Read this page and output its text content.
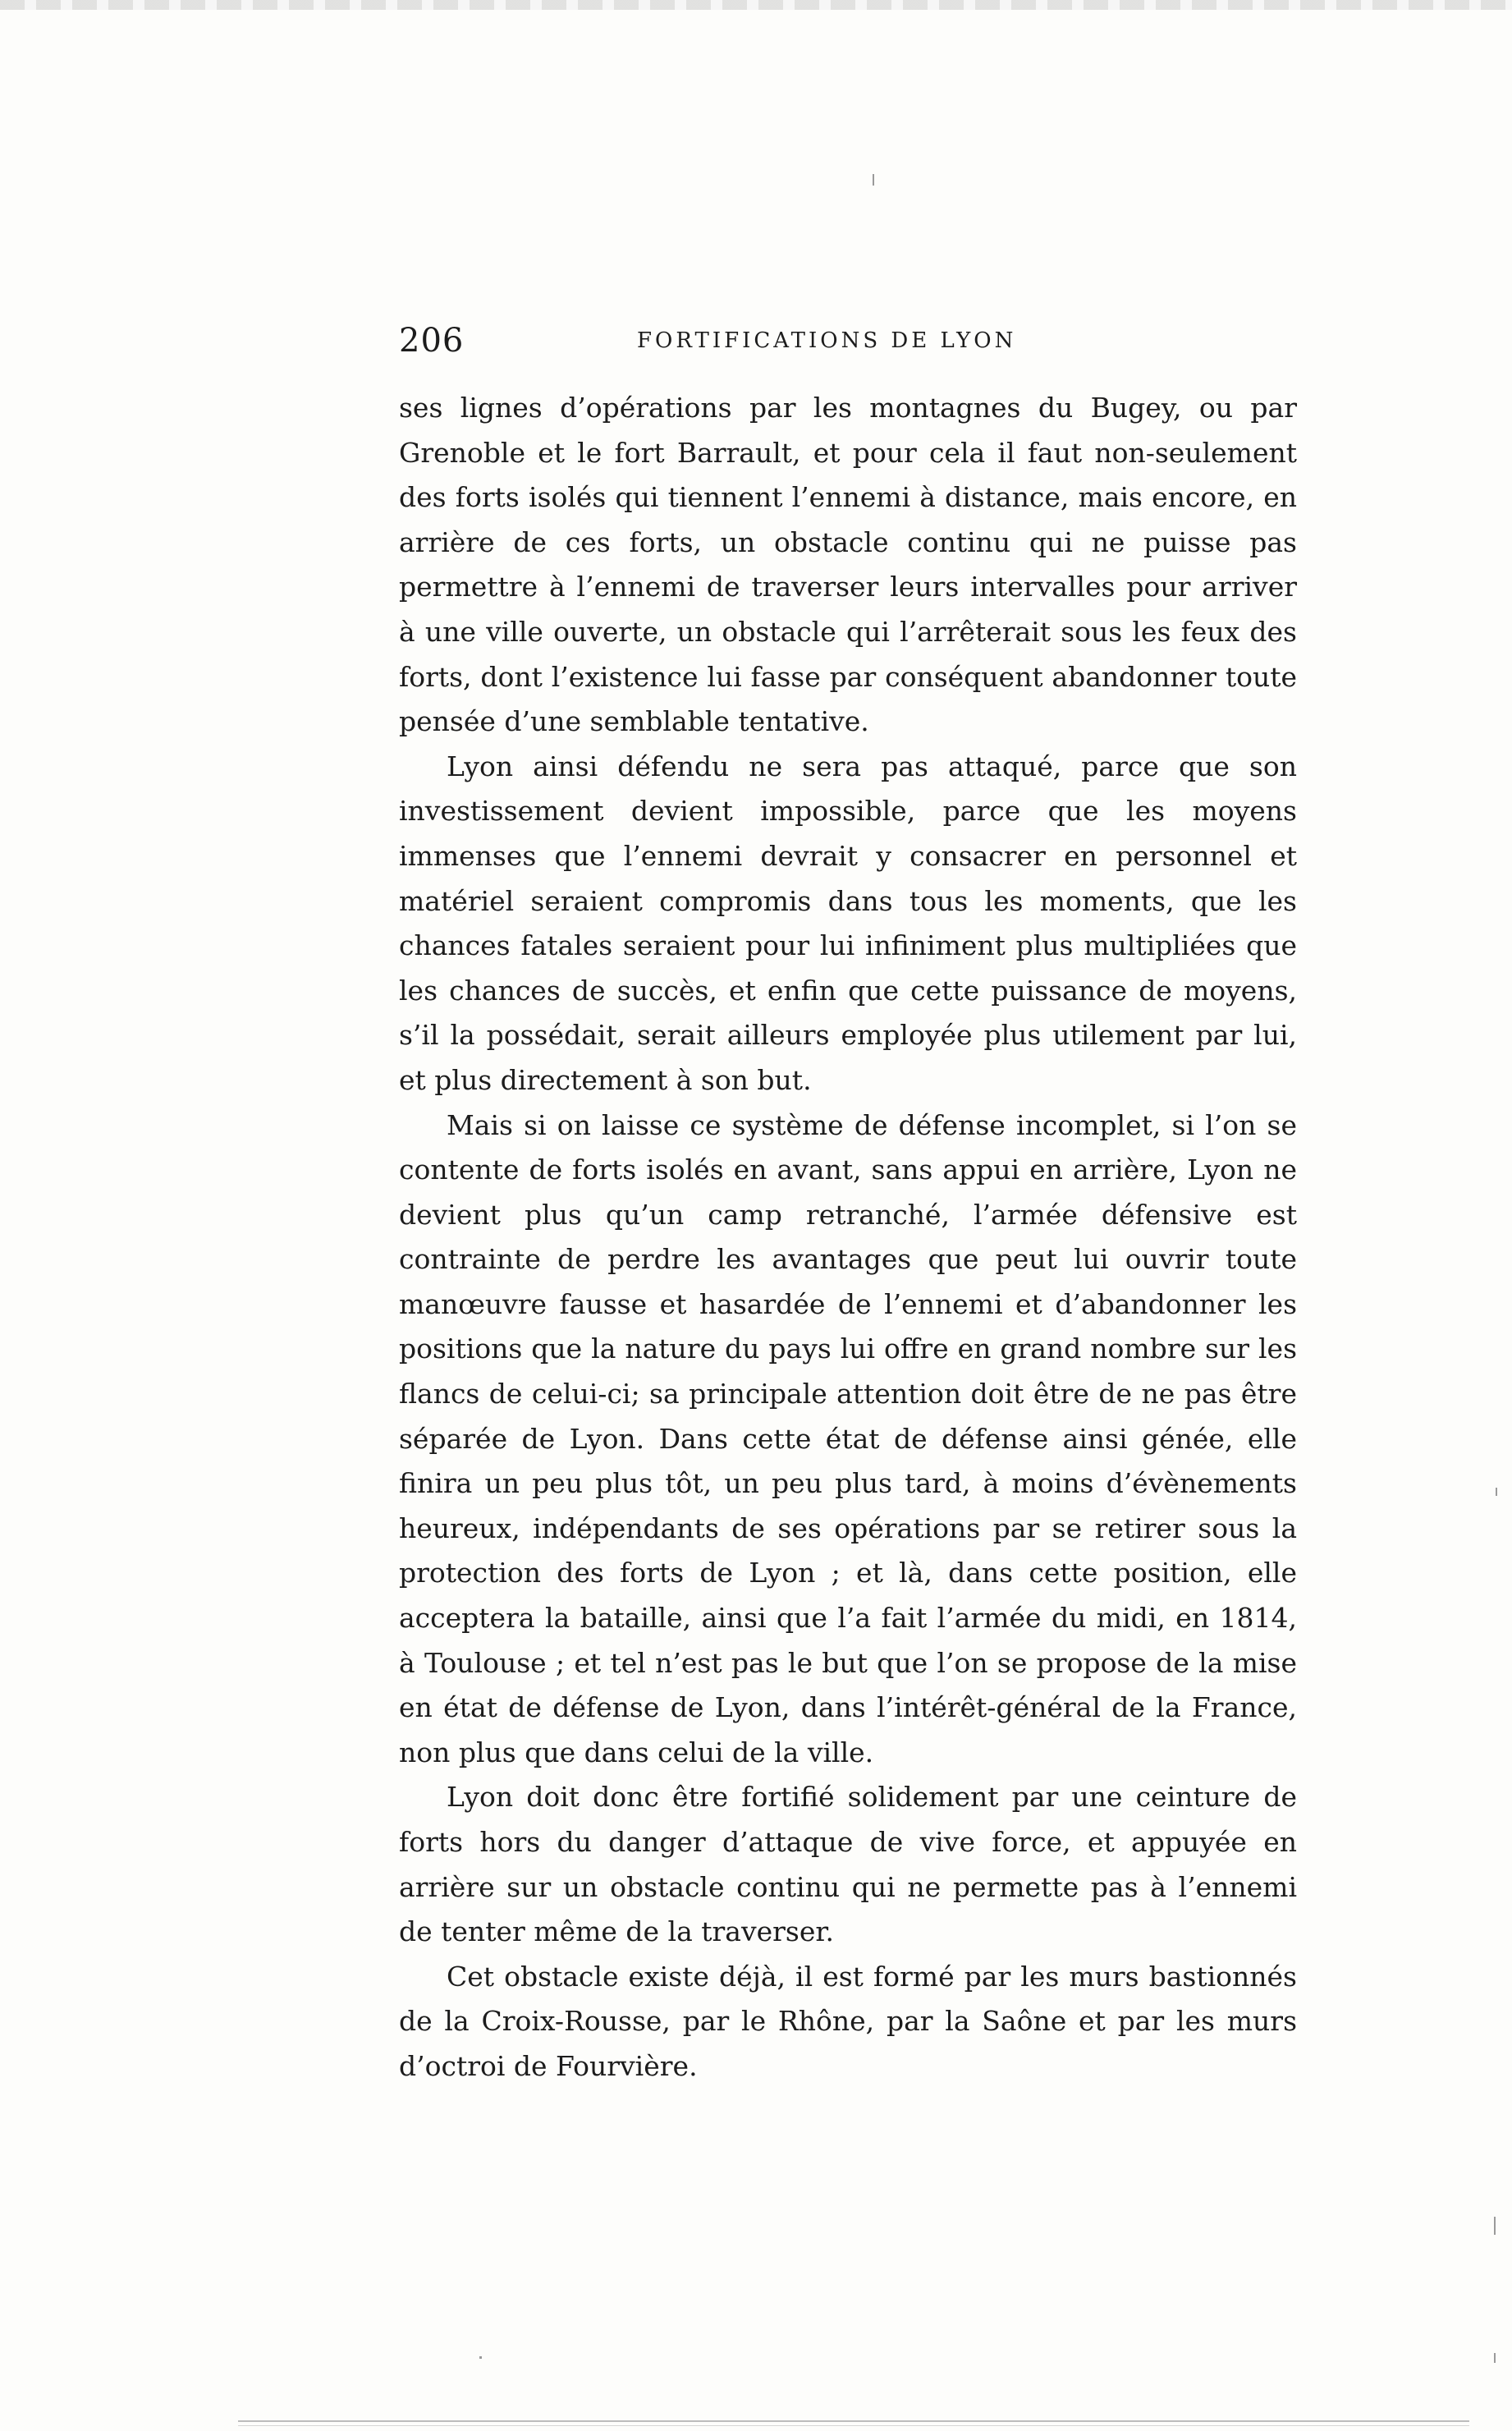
206	FORTIFICATIONS DE LYON

ses lignes d’opérations par les montagnes du Bugey, ou par Grenoble et le fort Barrault, et pour cela il faut non-seulement des forts isolés qui tiennent l’ennemi à distance, mais encore, en arrière de ces forts, un obstacle continu qui ne puisse pas permettre à l’ennemi de traverser leurs intervalles pour arriver à une ville ouverte, un obstacle qui l’arrêterait sous les feux des forts, dont l’existence lui fasse par conséquent abandonner toute pensée d’une semblable tentative.

Lyon ainsi défendu ne sera pas attaqué, parce que son investissement devient impossible, parce que les moyens immenses que l’ennemi devrait y consacrer en personnel et matériel seraient compromis dans tous les moments, que les chances fatales seraient pour lui infiniment plus multipliées que les chances de succès, et enfin que cette puissance de moyens, s’il la possédait, serait ailleurs employée plus utilement par lui, et plus directement à son but.

Mais si on laisse ce système de défense incomplet, si l’on se contente de forts isolés en avant, sans appui en arrière, Lyon ne devient plus qu’un camp retranché, l’armée défensive est contrainte de perdre les avantages que peut lui ouvrir toute manœuvre fausse et hasardée de l’ennemi et d’abandonner les positions que la nature du pays lui offre en grand nombre sur les flancs de celui-ci; sa principale attention doit être de ne pas être séparée de Lyon. Dans cette état de défense ainsi génée, elle finira un peu plus tôt, un peu plus tard, à moins d’évènements heureux, indépendants de ses opérations par se retirer sous la protection des forts de Lyon ; et là, dans cette position, elle acceptera la bataille, ainsi que l’a fait l’armée du midi, en 1814, à Toulouse ; et tel n’est pas le but que l’on se propose de la mise en état de défense de Lyon, dans l’intérêt-général de la France, non plus que dans celui de la ville.

Lyon doit donc être fortifié solidement par une ceinture de forts hors du danger d’attaque de vive force, et appuyée en arrière sur un obstacle continu qui ne permette pas à l’ennemi de tenter même de la traverser.

Cet obstacle existe déjà, il est formé par les murs bastionnés de la Croix-Rousse, par le Rhône, par la Saône et par les murs d’octroi de Fourvière.
